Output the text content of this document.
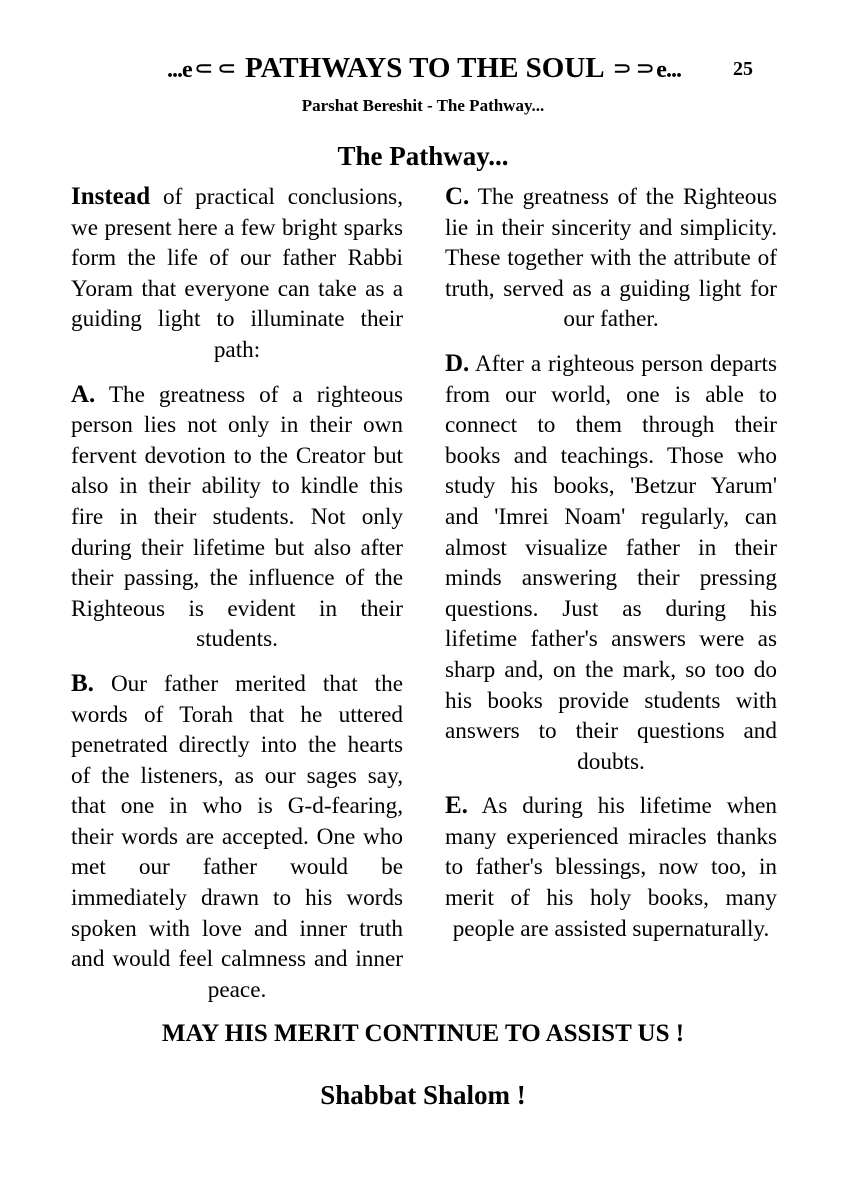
...e⸦⸦ PATHWAYS TO THE SOUL ⸧⸧e...	25
Parshat Bereshit - The Pathway...
The Pathway...

Instead of practical conclusions, we present here a few bright sparks form the life of our father Rabbi Yoram that everyone can take as a guiding light to illuminate their path:

A. The greatness of a righteous person lies not only in their own fervent devotion to the Creator but also in their ability to kindle this fire in their students. Not only during their lifetime but also after their passing, the influence of the Righteous is evident in their students.

B. Our father merited that the words of Torah that he uttered penetrated directly into the hearts of the listeners, as our sages say, that one in who is G-d-fearing, their words are accepted. One who met our father would be immediately drawn to his words spoken with love and inner truth and would feel calmness and inner peace.

C. The greatness of the Righteous lie in their sincerity and simplicity. These together with the attribute of truth, served as a guiding light for our father.

D. After a righteous person departs from our world, one is able to connect to them through their books and teachings. Those who study his books, 'Betzur Yarum' and 'Imrei Noam' regularly, can almost visualize father in their minds answering their pressing questions. Just as during his lifetime father's answers were as sharp and, on the mark, so too do his books provide students with answers to their questions and doubts.

E. As during his lifetime when many experienced miracles thanks to father's blessings, now too, in merit of his holy books, many people are assisted supernaturally.

MAY HIS MERIT CONTINUE TO ASSIST US !
Shabbat Shalom !
